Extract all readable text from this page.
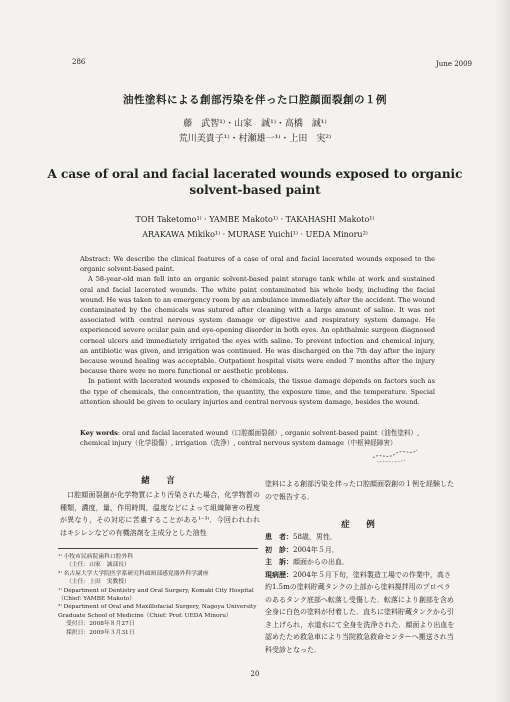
286	June 2009
油性塗料による創部汚染を伴った口腔顔面裂創の１例
藤　武智¹⁾・山家　誠¹⁾・高橋　誠¹⁾
荒川美貴子¹⁾・村瀬雄一¹⁾・上田　実²⁾
A case of oral and facial lacerated wounds exposed to organic
solvent-based paint
TOH Taketomo¹⁾ · YAMBE Makoto¹⁾ · TAKAHASHI Makoto¹⁾
ARAKAWA Mikiko¹⁾ · MURASE Yuichi¹⁾ · UEDA Minoru²⁾

Abstract: We describe the clinical features of a case of oral and facial lacerated wounds exposed to the organic solvent-based paint.

A 58-year-old man fell into an organic solvent-based paint storage tank while at work and sustained oral and facial lacerated wounds. The white paint contaminated his whole body, including the facial wound. He was taken to an emergency room by an ambulance immediately after the accident. The wound contaminated by the chemicals was sutured after cleaning with a large amount of saline. It was not associated with central nervous system damage or digestive and respiratory system damage. He experienced severe ocular pain and eye-opening disorder in both eyes. An ophthalmic surgeon diagnosed corneal ulcers and immediately irrigated the eyes with saline. To prevent infection and chemical injury, an antibiotic was given, and irrigation was continued. He was discharged on the 7th day after the injury because wound healing was acceptable. Outpatient hospital visits were ended 7 months after the injury because there were no more functional or aesthetic problems.

In patient with lacerated wounds exposed to chemicals, the tissue damage depends on factors such as the type of chemicals, the concentration, the quantity, the exposure time, and the temperature. Special attention should be given to oculary injuries and central nervous system damage, besides the wound.

Key words: oral and facial lacerated wound（口腔顔面裂創）, organic solvent-based paint（油性塗料）, chemical injury（化学損傷）, irrigation（洗浄）, central nervous system damage（中枢神経障害）
緒　言

口腔顔面裂創が化学物質により汚染された場合，化学物質の種類，濃度，量，作用時間，温度などによって組織障害の程度が異なり，その対応に苦慮することがある¹⁻³⁾．今回われわれはキシレンなどの有機溶剤を主成分とした油性

¹⁾ 小牧市民病院歯科口腔外科
（主任：山家　誠部長）
²⁾ 名古屋大学大学院医学系研究科頭頸部感覚器外科学講座
（主任：上田　実教授）
¹⁾ Department of Dentistry and Oral Surgery, Komaki City Hospital（Chief: YAMBE Makoto）
²⁾ Department of Oral and Maxillofacial Surgery, Nagoya University Graduate School of Medicine（Chief: Prof. UEDA Minoru）
受付日：2008年８月27日
採択日：2009年３月31日

塗料による創部汚染を伴った口腔顔面裂創の１例を経験したので報告する．

症　例

患　者：58歳，男性．

初　診：2004年５月．

主　訴：顔面からの出血．

現病歴：2004年５月下旬，塗料製造工場での作業中，高さ約1.5mの塗料貯蔵タンクの上部から塗料撹拌用のプロペラのあるタンク底部へ転落し受傷した．転落により創部を含め全身に白色の塗料が付着した．直ちに塗料貯蔵タンクから引き上げられ，水道水にて全身を洗浄された．顔面より出血を認めたため救急車により当院救急救命センターへ搬送され当科受診となった．

20
